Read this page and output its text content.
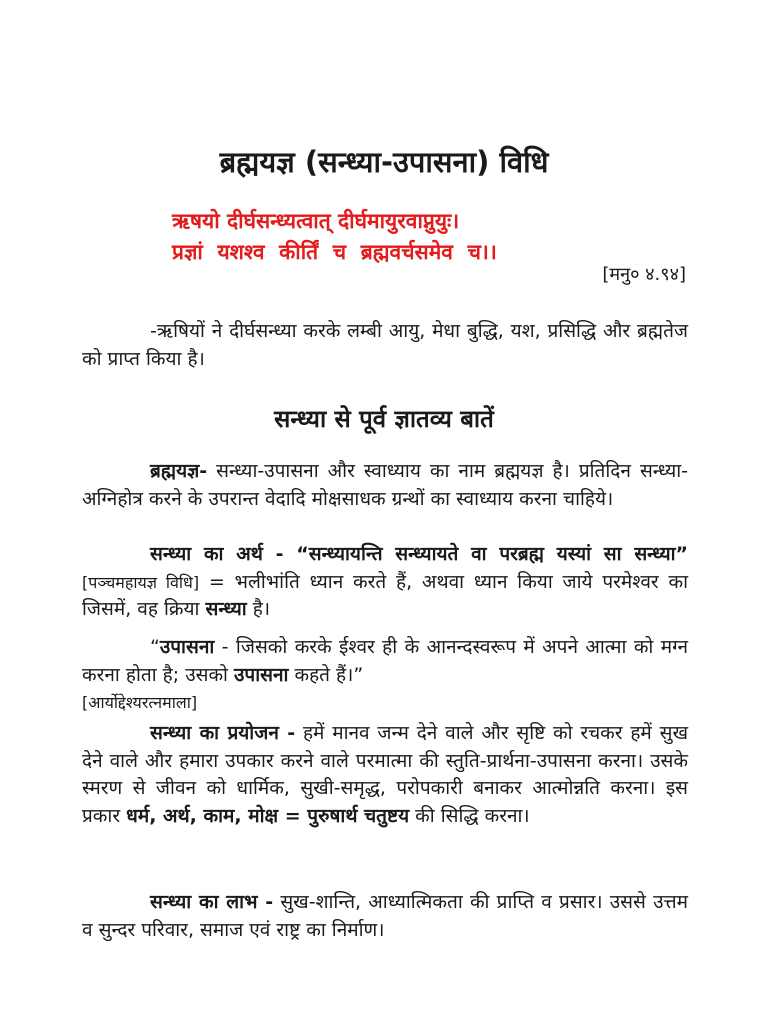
ब्रह्मयज्ञ (सन्ध्या-उपासना) विधि
ऋषयो दीर्घसन्ध्यत्वात् दीर्घमायुरवाप्नुयुः।
प्रज्ञां  यशश्व  कीर्तिं  च  ब्रह्मवर्चसमेव  च।।
[मनु० ४.९४]

-ऋषियों ने दीर्घसन्ध्या करके लम्बी आयु, मेधा बुद्धि, यश, प्रसिद्धि और ब्रह्मतेज को प्राप्त किया है।

सन्ध्या से पूर्व ज्ञातव्य बातें

ब्रह्मयज्ञ- सन्ध्या-उपासना और स्वाध्याय का नाम ब्रह्मयज्ञ है। प्रतिदिन सन्ध्या-अग्निहोत्र करने के उपरान्त वेदादि मोक्षसाधक ग्रन्थों का स्वाध्याय करना चाहिये।

सन्ध्या का अर्थ - “सन्ध्यायन्ति सन्ध्यायते वा परब्रह्म यस्यां सा सन्ध्या” [पञ्चमहायज्ञ विधि] = भलीभांति ध्यान करते हैं, अथवा ध्यान किया जाये परमेश्वर का जिसमें, वह क्रिया सन्ध्या है।

“उपासना - जिसको करके ईश्वर ही के आनन्दस्वरूप में अपने आत्मा को मग्न करना होता है; उसको उपासना कहते हैं।”
[आर्योद्देश्यरत्नमाला]

सन्ध्या का प्रयोजन - हमें मानव जन्म देने वाले और सृष्टि को रचकर हमें सुख देने वाले और हमारा उपकार करने वाले परमात्मा की स्तुति-प्रार्थना-उपासना करना। उसके स्मरण से जीवन को धार्मिक, सुखी-समृद्ध, परोपकारी बनाकर आत्मोन्नति करना। इस प्रकार धर्म, अर्थ, काम, मोक्ष = पुरुषार्थ चतुष्टय की सिद्धि करना।

सन्ध्या का लाभ - सुख-शान्ति, आध्यात्मिकता की प्राप्ति व प्रसार। उससे उत्तम व सुन्दर परिवार, समाज एवं राष्ट्र का निर्माण।
